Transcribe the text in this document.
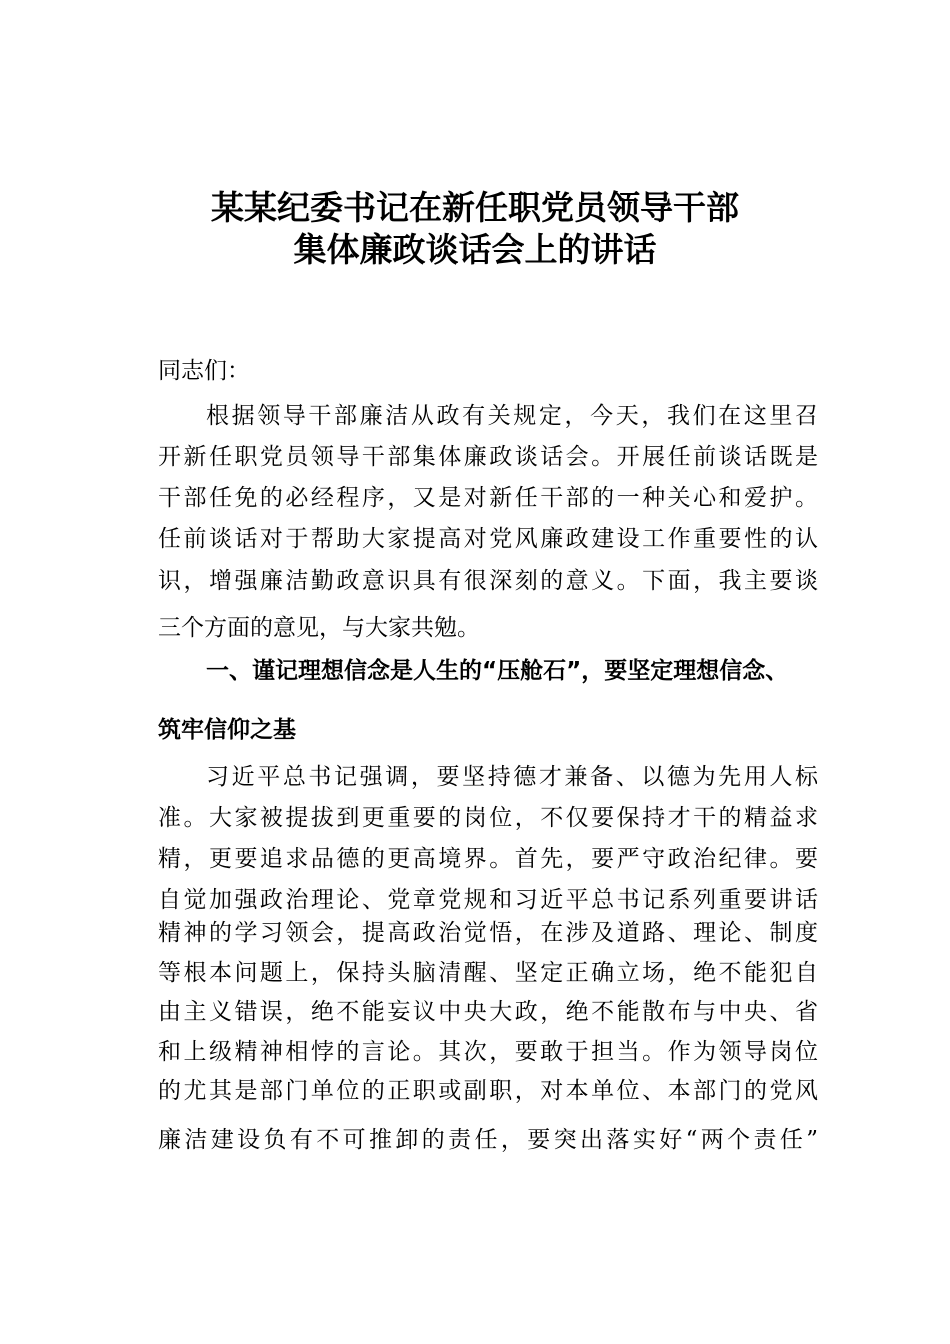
某某纪委书记在新任职党员领导干部
集体廉政谈话会上的讲话
同志们：
根据领导干部廉洁从政有关规定，今天，我们在这里召
开新任职党员领导干部集体廉政谈话会。开展任前谈话既是
干部任免的必经程序，又是对新任干部的一种关心和爱护。
任前谈话对于帮助大家提高对党风廉政建设工作重要性的认
识，增强廉洁勤政意识具有很深刻的意义。下面，我主要谈
三个方面的意见，与大家共勉。
一、谨记理想信念是人生的“压舱石”，要坚定理想信念、
筑牢信仰之基
习近平总书记强调，要坚持德才兼备、以德为先用人标
准。大家被提拔到更重要的岗位，不仅要保持才干的精益求
精，更要追求品德的更高境界。首先，要严守政治纪律。要
自觉加强政治理论、党章党规和习近平总书记系列重要讲话
精神的学习领会，提高政治觉悟，在涉及道路、理论、制度
等根本问题上，保持头脑清醒、坚定正确立场，绝不能犯自
由主义错误，绝不能妄议中央大政，绝不能散布与中央、省
和上级精神相悖的言论。其次，要敢于担当。作为领导岗位
的尤其是部门单位的正职或副职，对本单位、本部门的党风
廉洁建设负有不可推卸的责任，要突出落实好“两个责任”
